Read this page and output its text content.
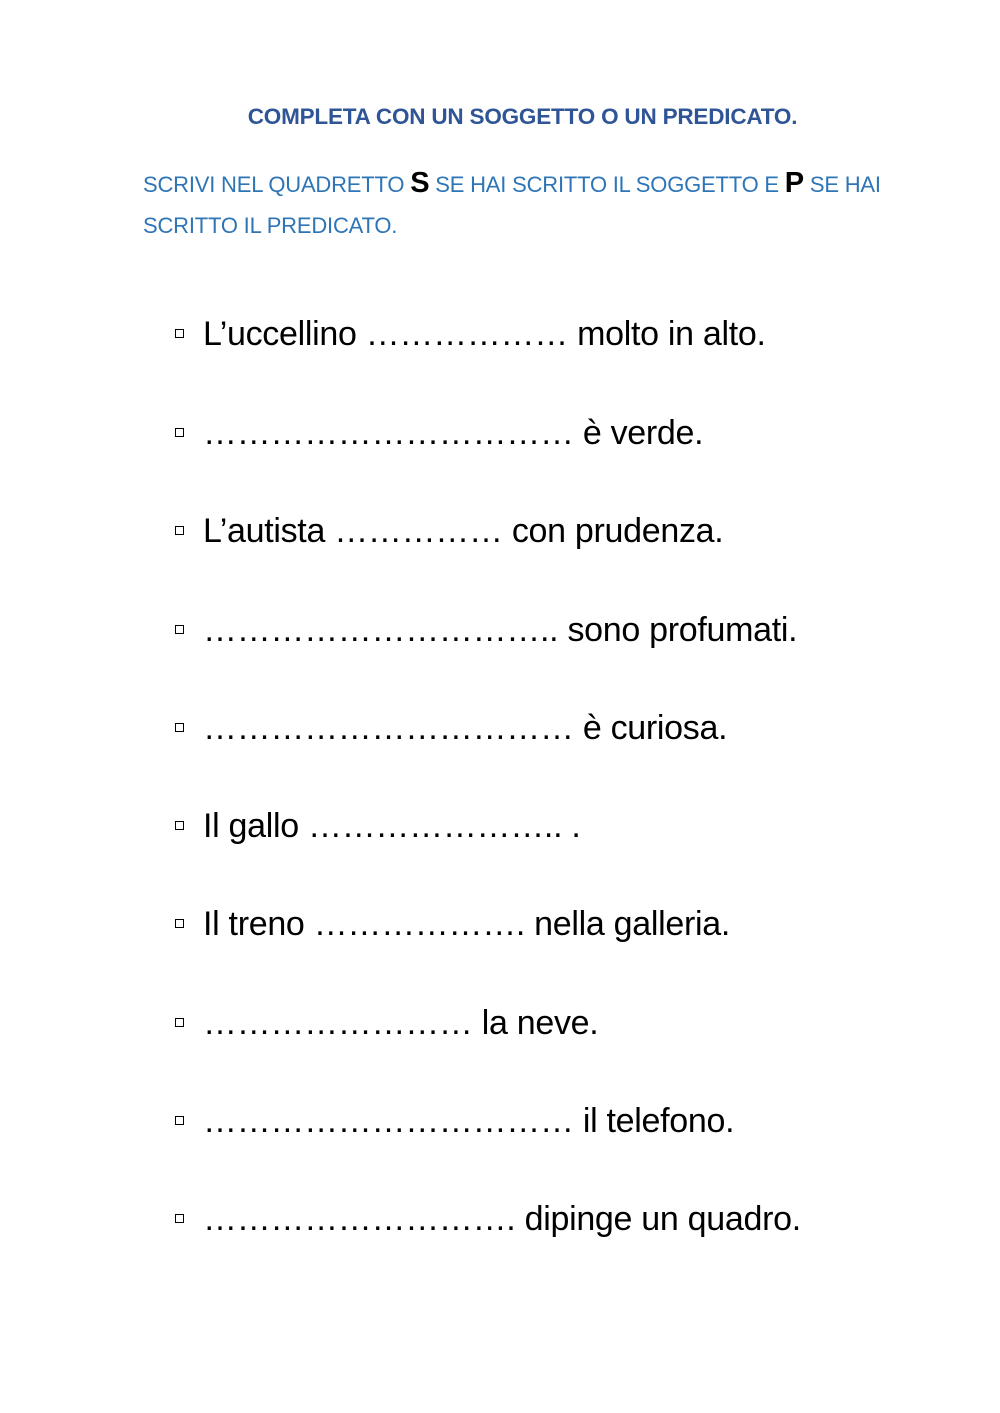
COMPLETA CON UN SOGGETTO O UN PREDICATO.
SCRIVI NEL QUADRETTO S SE HAI SCRITTO IL SOGGETTO E P SE HAI SCRITTO IL PREDICATO.
L’uccellino ……………… molto in alto.
…………………………… è verde.
L’autista …………… con prudenza.
………………………….. sono profumati.
…………………………… è curiosa.
Il gallo ………………….. .
Il treno ………………. nella galleria.
…………………… la neve.
…………………………… il telefono.
………………………. dipinge un quadro.
